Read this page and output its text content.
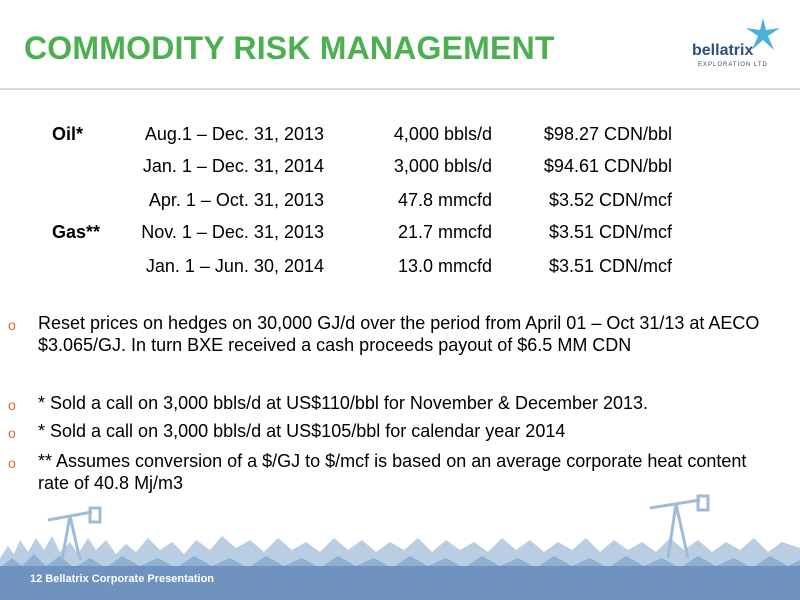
COMMODITY RISK MANAGEMENT	bellatrix
EXPLORATION LTD
Oil*	Aug.1 – Dec. 31, 2013	4,000 bbls/d	$98.27 CDN/bbl
Jan. 1 – Dec. 31, 2014	3,000 bbls/d	$94.61 CDN/bbl
Apr. 1 – Oct. 31, 2013	47.8 mmcfd	$3.52 CDN/mcf
Gas**	Nov. 1 – Dec. 31, 2013	21.7 mmcfd	$3.51 CDN/mcf
Jan. 1 – Jun. 30, 2014	13.0 mmcfd	$3.51 CDN/mcf
o Reset prices on hedges on 30,000 GJ/d over the period from April 01 – Oct 31/13 at AECO $3.065/GJ. In turn BXE received a cash proceeds payout of $6.5 MM CDN
o * Sold a call on 3,000 bbls/d at US$110/bbl for November & December 2013.
o * Sold a call on 3,000 bbls/d at US$105/bbl for calendar year 2014
o ** Assumes conversion of a $/GJ to $/mcf is based on an average corporate heat content rate of 40.8 Mj/m3
12 Bellatrix Corporate Presentation
